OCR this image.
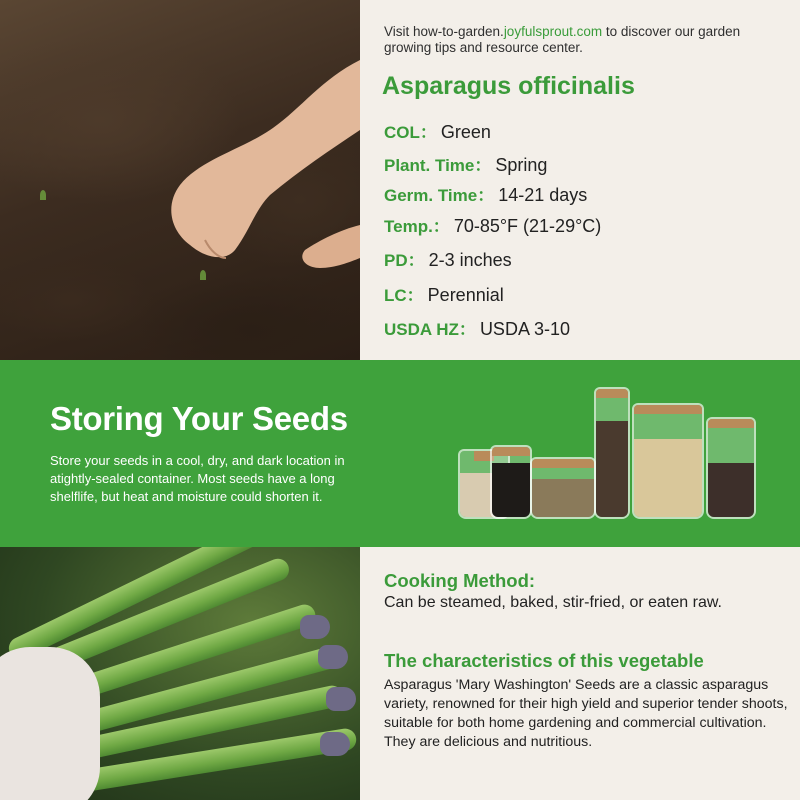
Visit how-to-garden.joyfulsprout.com to discover our garden growing tips and resource center.
Asparagus officinalis
COL： Green
Plant. Time： Spring
Germ. Time： 14-21 days
Temp.： 70-85°F (21-29°C)
PD： 2-3 inches
LC： Perennial
USDA HZ： USDA 3-10
Storing Your Seeds
Store your seeds in a cool, dry, and dark location in atightly-sealed container. Most seeds have a long shelflife, but heat and moisture could shorten it.
Cooking Method:
Can be steamed, baked, stir-fried, or eaten raw.
The characteristics of this vegetable
Asparagus 'Mary Washington' Seeds are a classic asparagus variety, renowned for their high yield and superior tender shoots, suitable for both home gardening and commercial cultivation. They are delicious and nutritious.
